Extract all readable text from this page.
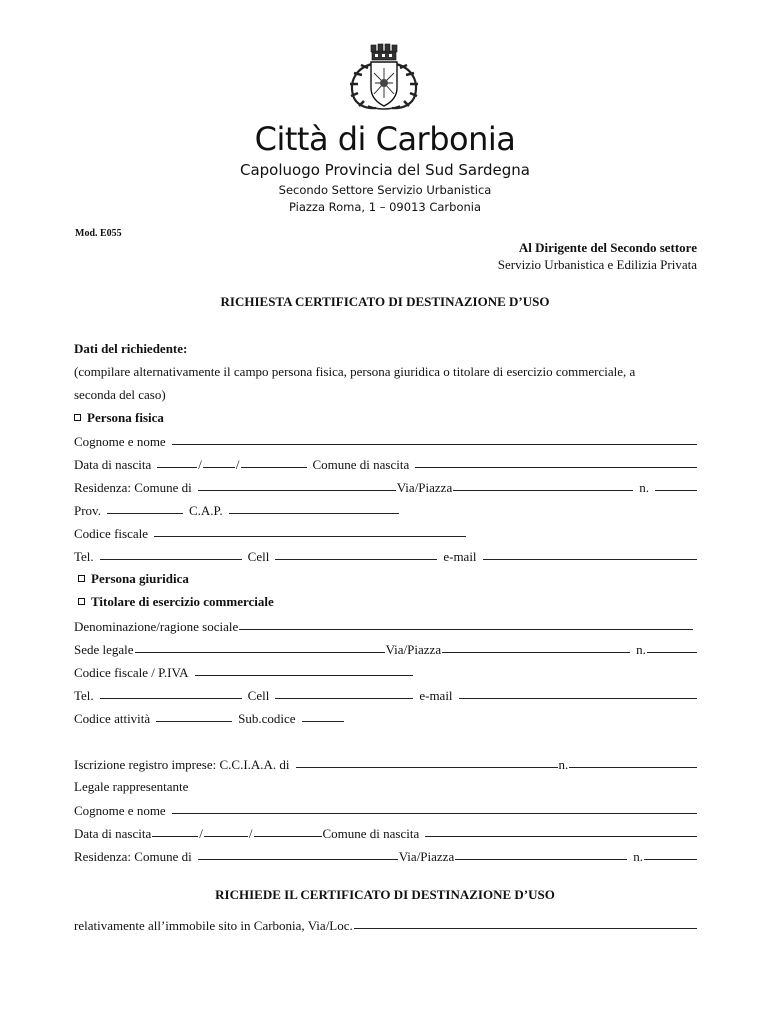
Città di Carbonia
Capoluogo Provincia del Sud Sardegna
Secondo Settore Servizio Urbanistica
Piazza Roma, 1 – 09013 Carbonia
Mod. E055
Al Dirigente del Secondo settore
Servizio Urbanistica e Edilizia Privata
RICHIESTA CERTIFICATO DI DESTINAZIONE D’USO
Dati del richiedente:
(compilare alternativamente il campo persona fisica, persona giuridica o titolare di esercizio commerciale, a
seconda del caso)
Persona fisica
Cognome e nome
Data di nascita	/	/	Comune di nascita
Residenza: Comune di	Via/Piazza	n.
Prov.	C.A.P.
Codice fiscale
Tel.	Cell	e-mail
Persona giuridica
Titolare di esercizio commerciale
Denominazione/ragione sociale
Sede legale	Via/Piazza	n.
Codice fiscale / P.IVA
Tel.	Cell	e-mail
Codice attività	Sub.codice
Iscrizione registro imprese: C.C.I.A.A. di	n.
Legale rappresentante
Cognome e nome
Data di nascita	/	/	Comune di nascita
Residenza: Comune di	Via/Piazza	n.
RICHIEDE IL CERTIFICATO DI DESTINAZIONE D’USO
relativamente all’immobile sito in Carbonia, Via/Loc.
